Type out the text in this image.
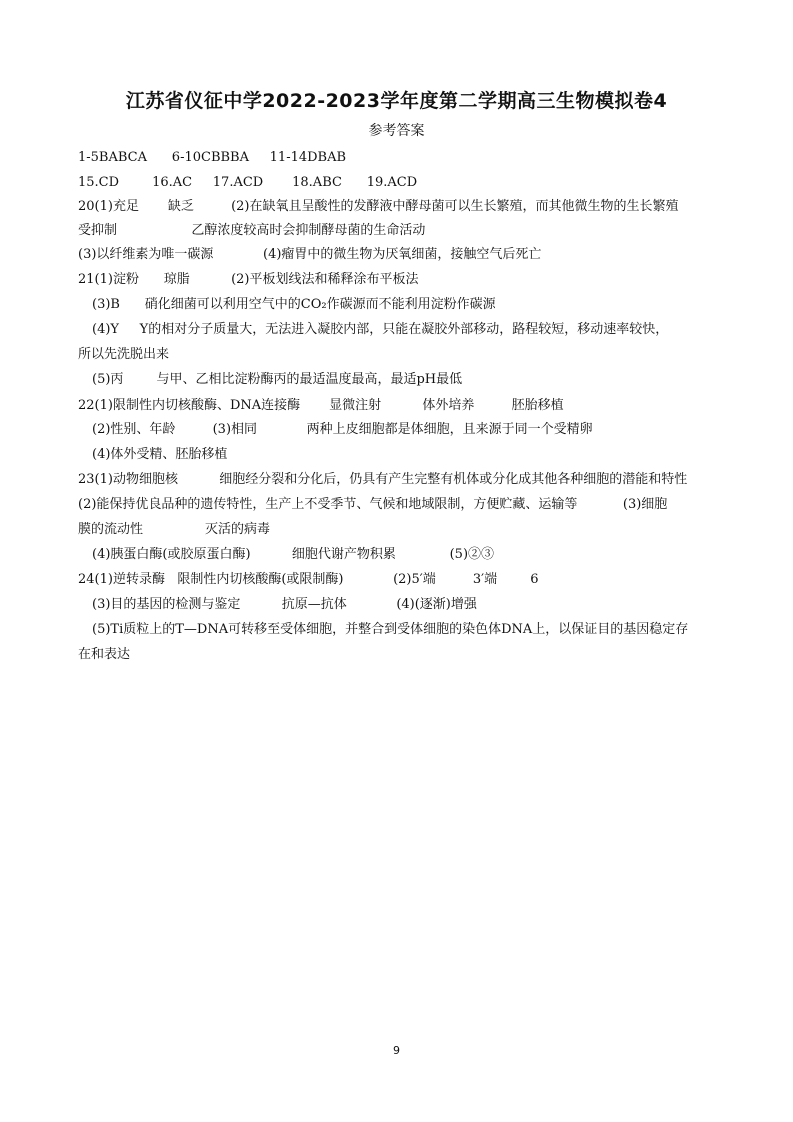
江苏省仪征中学2022-2023学年度第二学期高三生物模拟卷4
参考答案
1-5BABCA      6-10CBBBA     11-14DBAB
15.CD        16.AC     17.ACD       18.ABC      19.ACD
20(1)充足       缺乏         (2)在缺氧且呈酸性的发酵液中酵母菌可以生长繁殖，而其他微生物的生长繁殖
受抑制                  乙醇浓度较高时会抑制酵母菌的生命活动
(3)以纤维素为唯一碳源            (4)瘤胃中的微生物为厌氧细菌，接触空气后死亡
21(1)淀粉      琼脂          (2)平板划线法和稀释涂布平板法
(3)B      硝化细菌可以利用空气中的CO₂作碳源而不能利用淀粉作碳源
(4)Y     Y的相对分子质量大，无法进入凝胶内部，只能在凝胶外部移动，路程较短，移动速率较快，
所以先洗脱出来
(5)丙        与甲、乙相比淀粉酶丙的最适温度最高，最适pH最低
22(1)限制性内切核酸酶、DNA连接酶       显微注射          体外培养         胚胎移植
(2)性别、年龄         (3)相同            两种上皮细胞都是体细胞，且来源于同一个受精卵
(4)体外受精、胚胎移植
23(1)动物细胞核          细胞经分裂和分化后，仍具有产生完整有机体或分化成其他各种细胞的潜能和特性
(2)能保持优良品种的遗传特性，生产上不受季节、气候和地域限制，方便贮藏、运输等           (3)细胞
膜的流动性               灭活的病毒
(4)胰蛋白酶(或胶原蛋白酶)          细胞代谢产物积累             (5)②③
24(1)逆转录酶   限制性内切核酸酶(或限制酶)            (2)5′端         3′端        6
(3)目的基因的检测与鉴定          抗原—抗体            (4)(逐渐)增强
(5)Ti质粒上的T—DNA可转移至受体细胞，并整合到受体细胞的染色体DNA上，以保证目的基因稳定存
在和表达
9
